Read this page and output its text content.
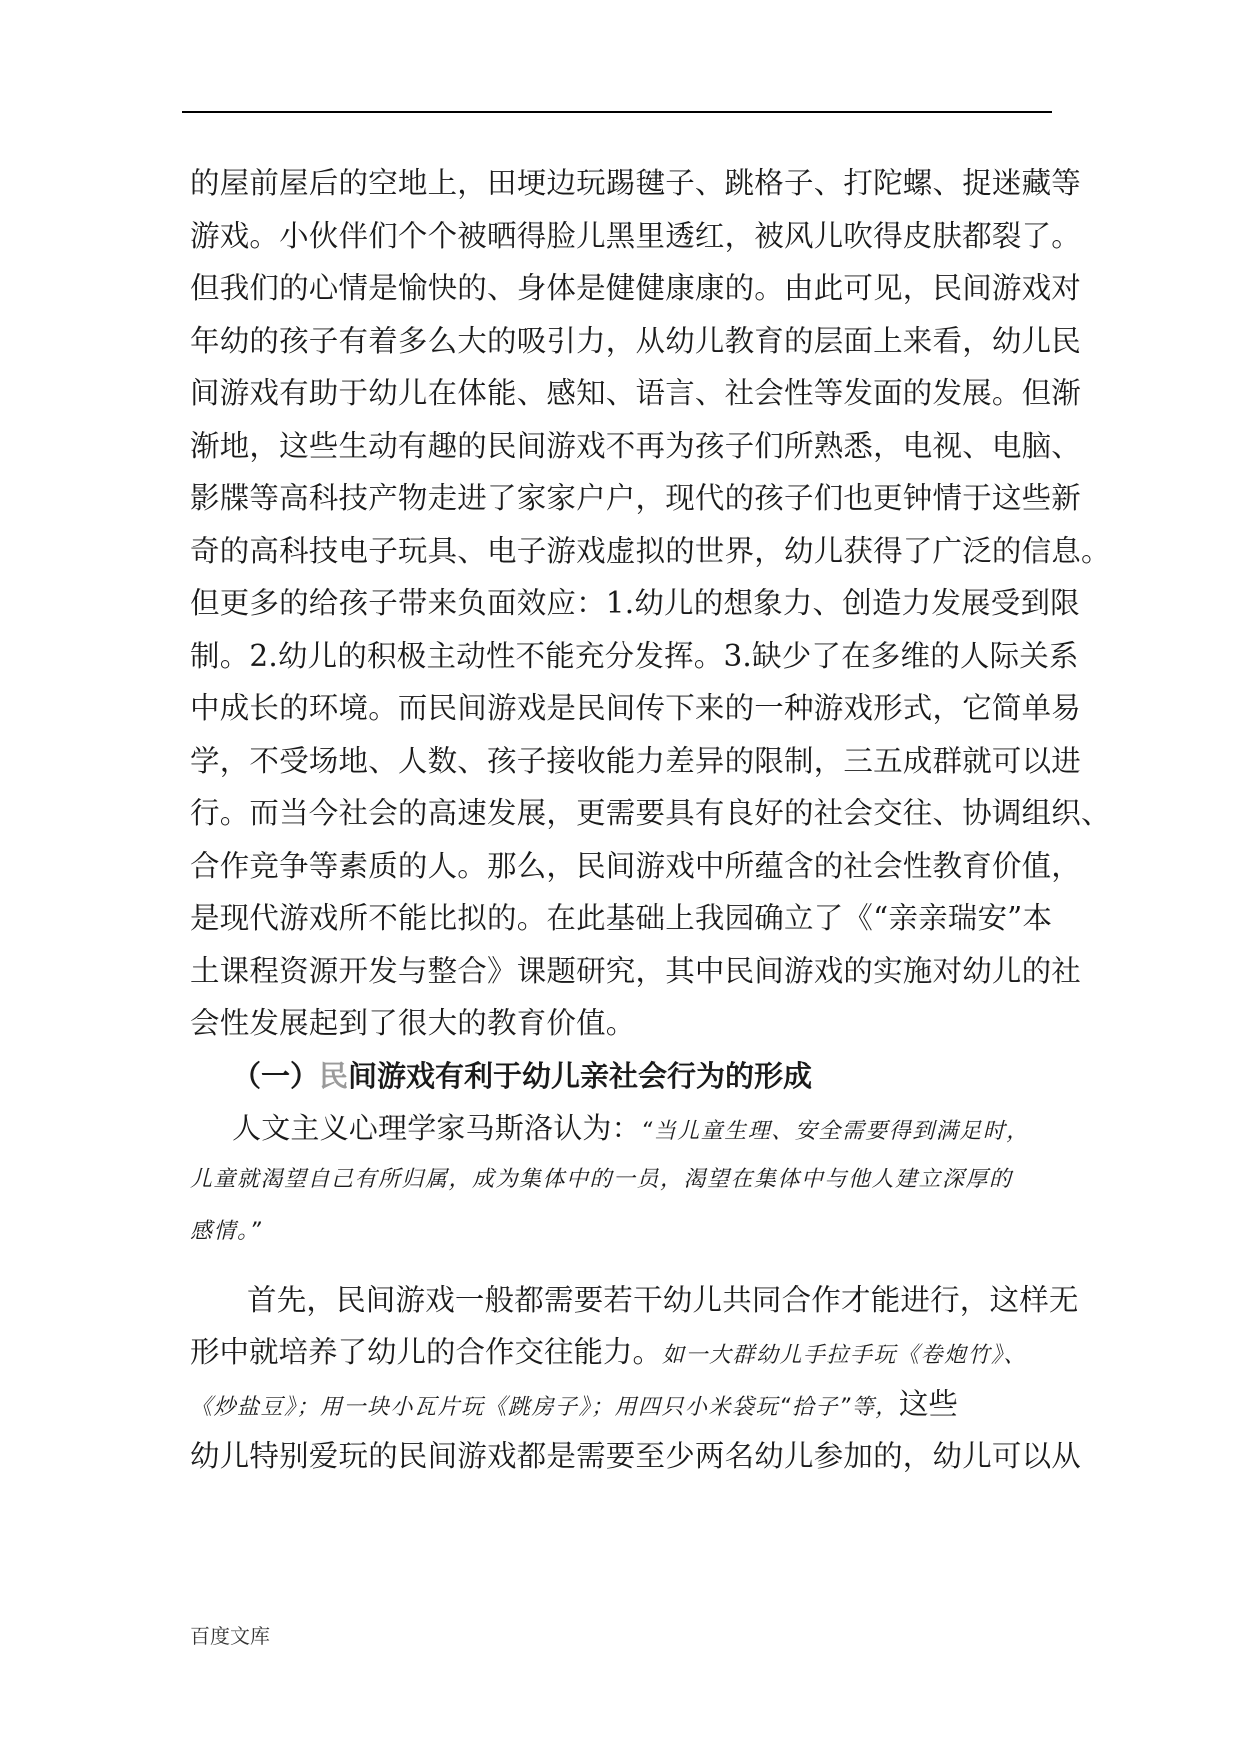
的屋前屋后的空地上，田埂边玩踢毽子、跳格子、打陀螺、捉迷藏等
游戏。小伙伴们个个被晒得脸儿黑里透红，被风儿吹得皮肤都裂了。
但我们的心情是愉快的、身体是健健康康的。由此可见，民间游戏对
年幼的孩子有着多么大的吸引力，从幼儿教育的层面上来看，幼儿民
间游戏有助于幼儿在体能、感知、语言、社会性等发面的发展。但渐
渐地，这些生动有趣的民间游戏不再为孩子们所熟悉，电视、电脑、
影牒等高科技产物走进了家家户户，现代的孩子们也更钟情于这些新
奇的高科技电子玩具、电子游戏虚拟的世界，幼儿获得了广泛的信息。
但更多的给孩子带来负面效应：1.幼儿的想象力、创造力发展受到限
制。2.幼儿的积极主动性不能充分发挥。3.缺少了在多维的人际关系
中成长的环境。而民间游戏是民间传下来的一种游戏形式，它简单易
学，不受场地、人数、孩子接收能力差异的限制，三五成群就可以进
行。而当今社会的高速发展，更需要具有良好的社会交往、协调组织、
合作竞争等素质的人。那么，民间游戏中所蕴含的社会性教育价值，
是现代游戏所不能比拟的。在此基础上我园确立了《“亲亲瑞安”本
土课程资源开发与整合》课题研究，其中民间游戏的实施对幼儿的社
会性发展起到了很大的教育价值。
（一）民间游戏有利于幼儿亲社会行为的形成
人文主义心理学家马斯洛认为：“当儿童生理、安全需要得到满足时，
儿童就渴望自己有所归属，成为集体中的一员，渴望在集体中与他人建立深厚的
感情。”
首先，民间游戏一般都需要若干幼儿共同合作才能进行，这样无
形中就培养了幼儿的合作交往能力。如一大群幼儿手拉手玩《卷炮竹》、
《炒盐豆》；用一块小瓦片玩《跳房子》；用四只小米袋玩“拾子”等，这些
幼儿特别爱玩的民间游戏都是需要至少两名幼儿参加的，幼儿可以从
百度文库
